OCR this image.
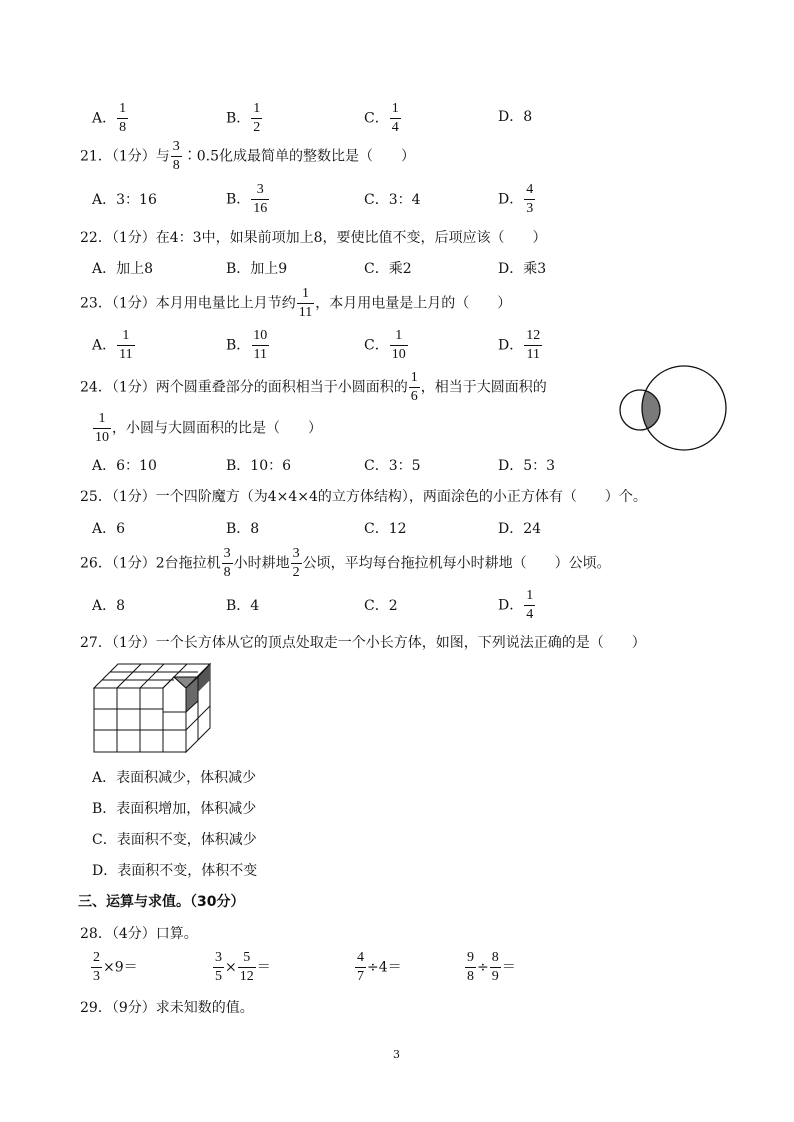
A． $\frac{1}{8}$	B． $\frac{1}{2}$	C． $\frac{1}{4}$	D．8
21．（1分）与 $\frac{3}{8}$ ∶0.5化成最简单的整数比是（　　）
A．3：16	B． $\frac{3}{16}$	C．3：4	D． $\frac{4}{3}$
22．（1分）在4：3中，如果前项加上8，要使比值不变，后项应该（　　）
A．加上8	B．加上9	C．乘2	D．乘3
23．（1分）本月用电量比上月节约 $\frac{1}{11}$ ，本月用电量是上月的（　　）
A． $\frac{1}{11}$	B． $\frac{10}{11}$	C． $\frac{1}{10}$	D． $\frac{12}{11}$
24．（1分）两个圆重叠部分的面积相当于小圆面积的 $\frac{1}{6}$ ，相当于大圆面积的
$\frac{1}{10}$ ，小圆与大圆面积的比是（　　）
A．6：10	B．10：6	C．3：5	D．5：3
25．（1分）一个四阶魔方（为4×4×4的立方体结构），两面涂色的小正方体有（　　）个。
A．6	B．8	C．12	D．24
26．（1分）2台拖拉机 $\frac{3}{8}$ 小时耕地 $\frac{3}{2}$ 公顷，平均每台拖拉机每小时耕地（　　）公顷。
A．8	B．4	C．2	D． $\frac{1}{4}$
27．（1分）一个长方体从它的顶点处取走一个小长方体，如图，下列说法正确的是（　　）
A．表面积减少，体积减少
B．表面积增加，体积减少
C．表面积不变，体积减少
D．表面积不变，体积不变
三、运算与求值。（30分）
28．（4分）口算。
$\frac{2}{3} \times 9=$	$\frac{3}{5} \times \frac{5}{12}$ ＝	$\frac{4}{7} \div 4=$	$\frac{9}{8} \div \frac{8}{9}$ ＝
29．（9分）求未知数的值。
3
